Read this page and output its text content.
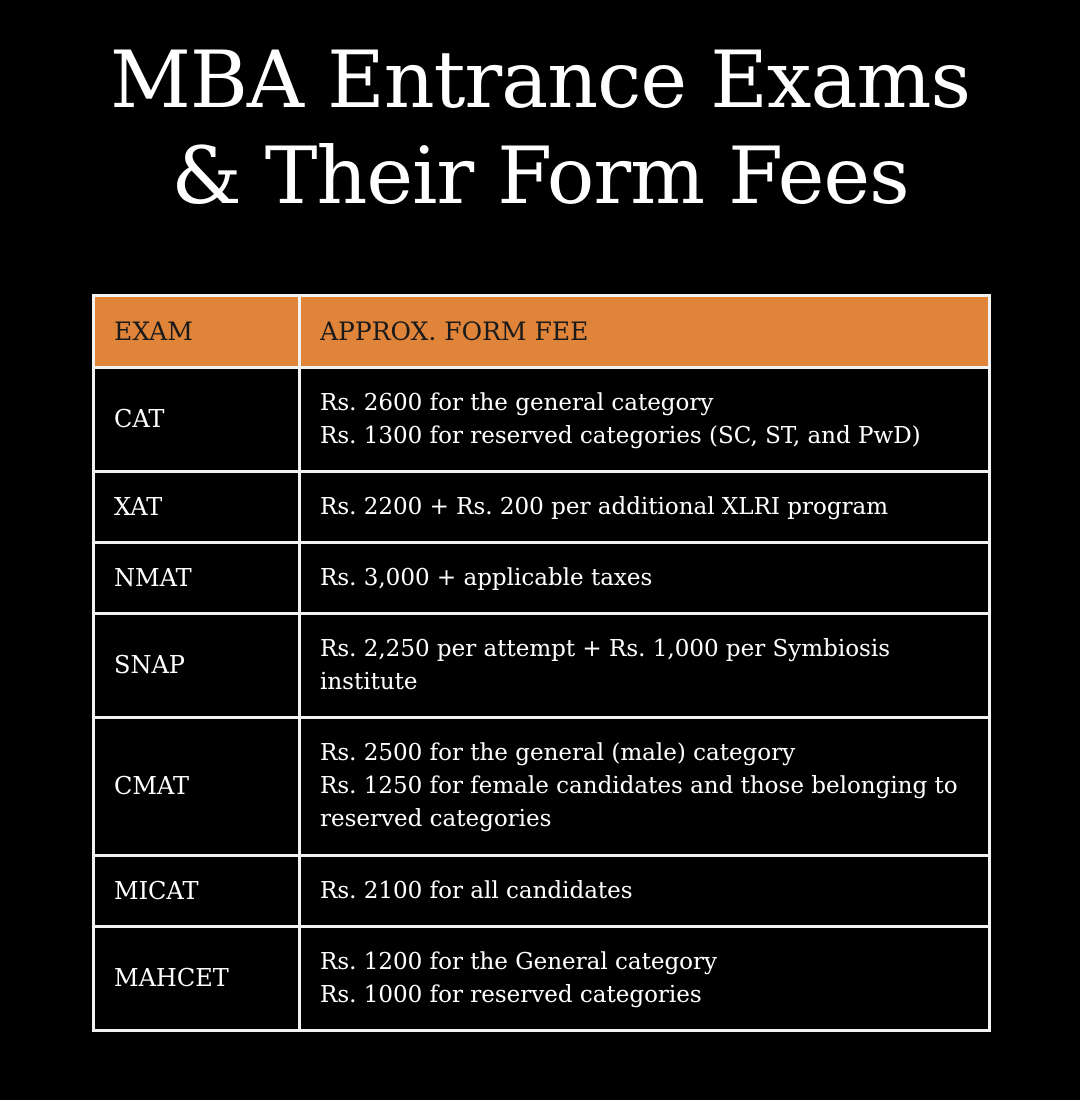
MBA Entrance Exams
& Their Form Fees
EXAM	APPROX. FORM FEE
CAT	Rs. 2600 for the general category
Rs. 1300 for reserved categories (SC, ST, and PwD)

XAT	Rs. 2200 + Rs. 200 per additional XLRI program

NMAT	Rs. 3,000 + applicable taxes

SNAP	Rs. 2,250 per attempt + Rs. 1,000 per Symbiosis institute

CMAT	Rs. 2500 for the general (male) category
Rs. 1250 for female candidates and those belonging to reserved categories

MICAT	Rs. 2100 for all candidates

MAHCET	Rs. 1200 for the General category
Rs. 1000 for reserved categories
